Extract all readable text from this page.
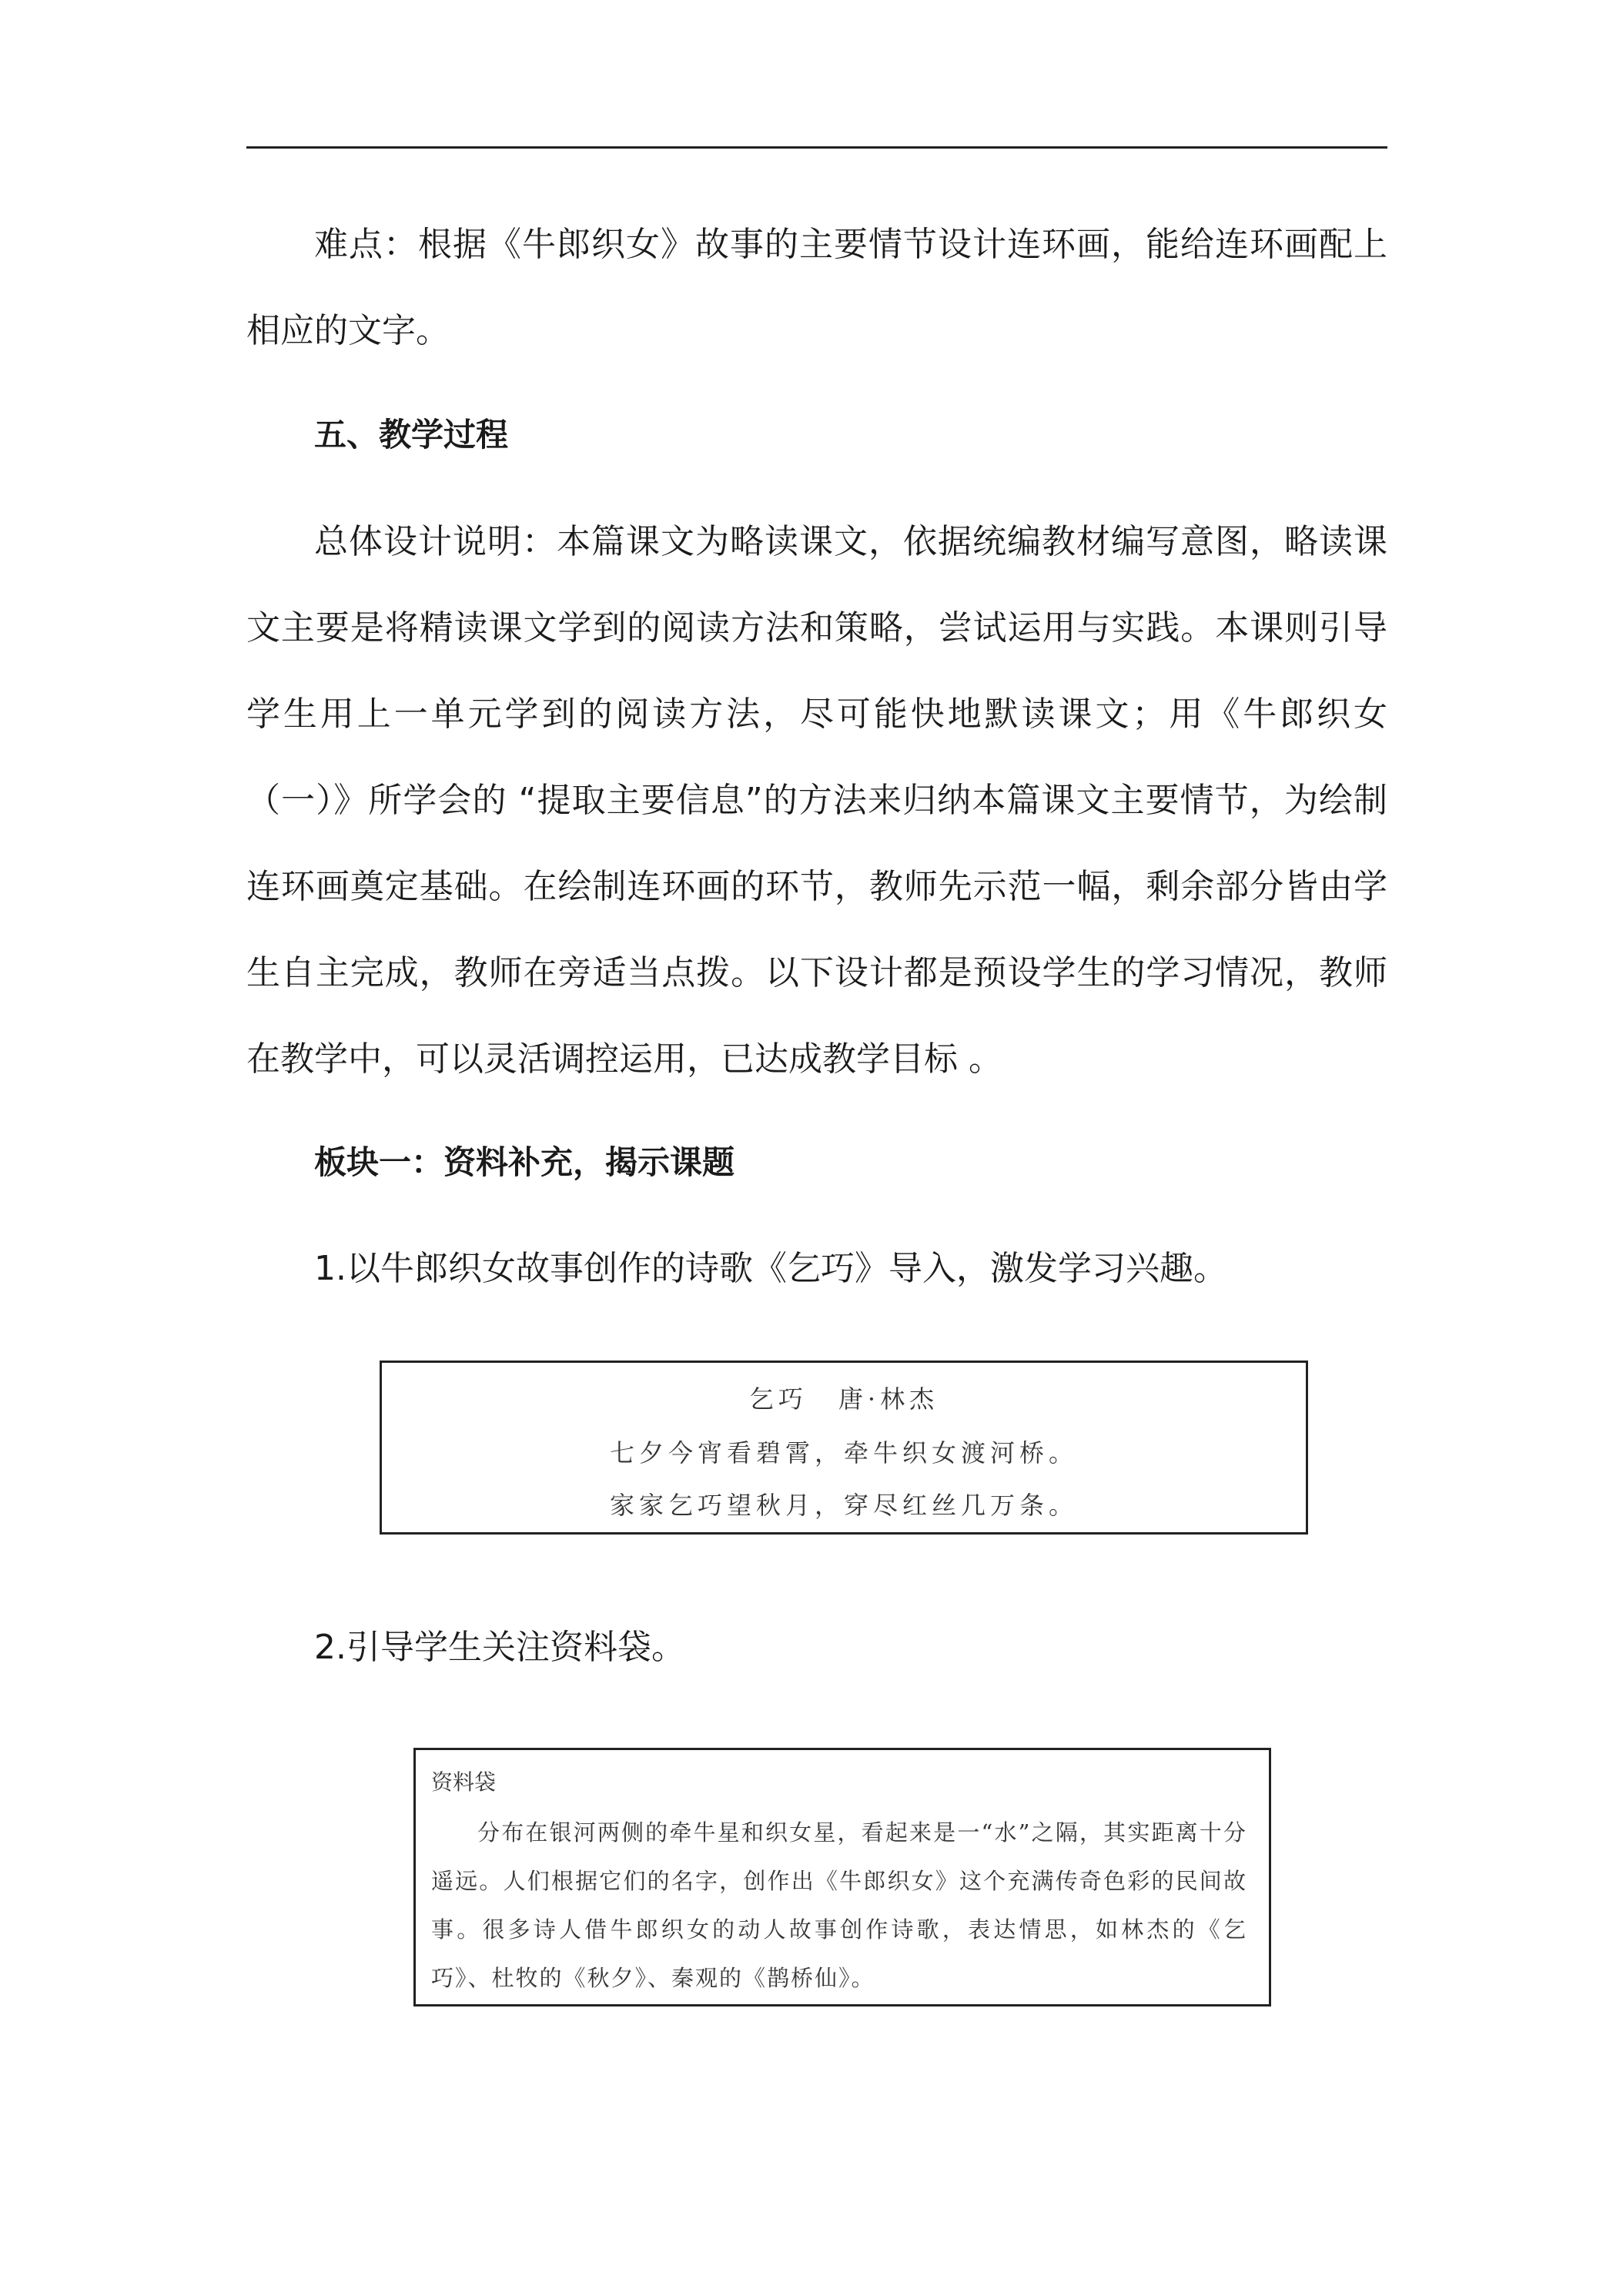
难点：根据《牛郎织女》故事的主要情节设计连环画，能给连环画配上相应的文字。

五、教学过程

总体设计说明：本篇课文为略读课文，依据统编教材编写意图，略读课文主要是将精读课文学到的阅读方法和策略，尝试运用与实践。本课则引导学生用上一单元学到的阅读方法，尽可能快地默读课文；用《牛郎织女（一）》所学会的 “提取主要信息”的方法来归纳本篇课文主要情节，为绘制连环画奠定基础。在绘制连环画的环节，教师先示范一幅，剩余部分皆由学生自主完成，教师在旁适当点拨。以下设计都是预设学生的学习情况，教师在教学中，可以灵活调控运用，已达成教学目标 。

板块一：资料补充，揭示课题

1.以牛郎织女故事创作的诗歌《乞巧》导入，激发学习兴趣。

乞巧 唐·林杰

七夕今宵看碧霄，牵牛织女渡河桥。

家家乞巧望秋月，穿尽红丝几万条。

2.引导学生关注资料袋。

资料袋

分布在银河两侧的牵牛星和织女星，看起来是一“水”之隔，其实距离十分遥远。人们根据它们的名字，创作出《牛郎织女》这个充满传奇色彩的民间故事。很多诗人借牛郎织女的动人故事创作诗歌，表达情思，如林杰的《乞巧》、杜牧的《秋夕》、秦观的《鹊桥仙》。
